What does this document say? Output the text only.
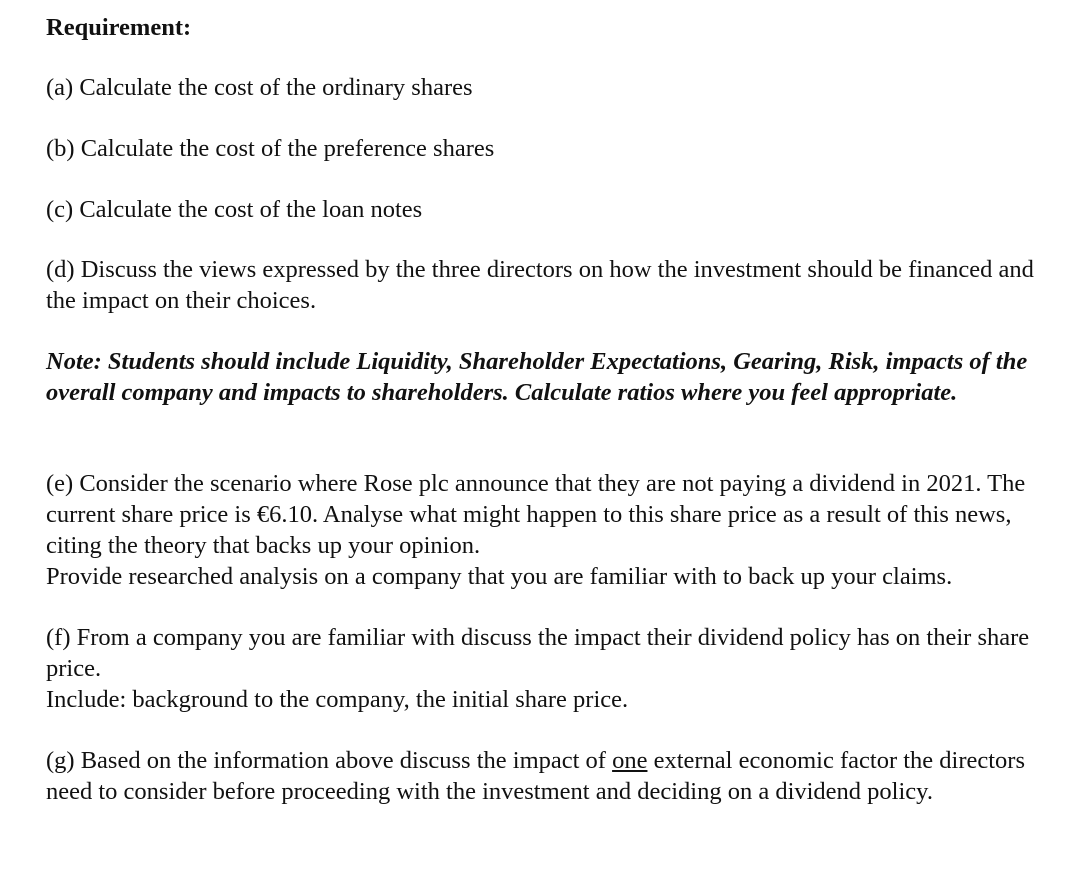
Requirement:

(a) Calculate the cost of the ordinary shares

(b) Calculate the cost of the preference shares

(c) Calculate the cost of the loan notes

(d) Discuss the views expressed by the three directors on how the investment should be financed and the impact on their choices.

Note: Students should include Liquidity, Shareholder Expectations, Gearing, Risk, impacts of the overall company and impacts to shareholders. Calculate ratios where you feel appropriate.

(e) Consider the scenario where Rose plc announce that they are not paying a dividend in 2021. The current share price is €6.10. Analyse what might happen to this share price as a result of this news, citing the theory that backs up your opinion.

Provide researched analysis on a company that you are familiar with to back up your claims.

(f) From a company you are familiar with discuss the impact their dividend policy has on their share price.

Include: background to the company, the initial share price.

(g) Based on the information above discuss the impact of one external economic factor the directors need to consider before proceeding with the investment and deciding on a dividend policy.
